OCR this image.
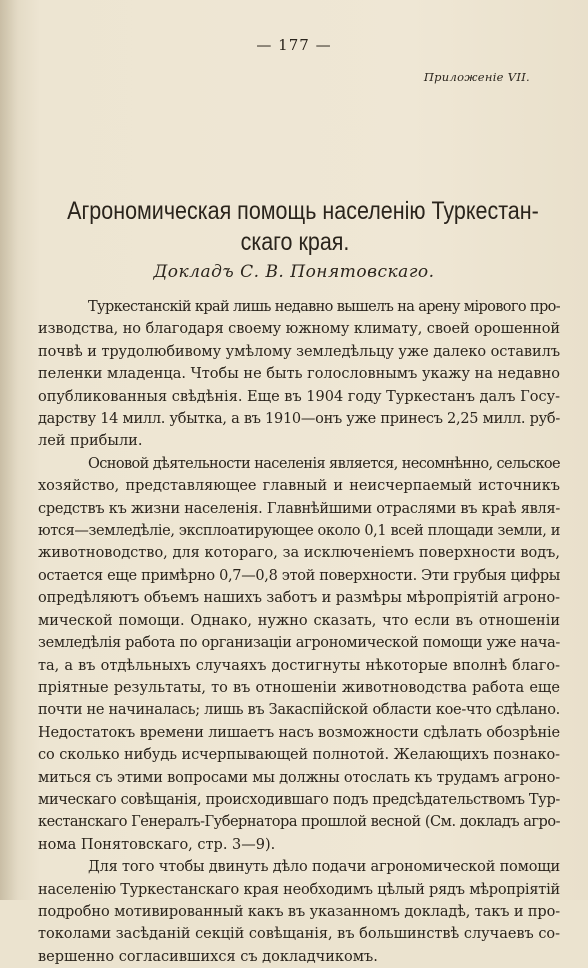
— 177 —
Приложеніе VII.
Агрономическая помощь населенію Туркестан-
скаго края.
Докладъ С. В. Понятовскаго.
Туркестанскій край лишь недавно вышелъ на арену мірового про-
изводства, но благодаря своему южному климату, своей орошенной
почвѣ и трудолюбивому умѣлому земледѣльцу уже далеко оставилъ
пеленки младенца. Чтобы не быть голословнымъ укажу на недавно
опубликованныя свѣдѣнія. Еще въ 1904 году Туркестанъ далъ Госу-
дарству 14 милл. убытка, а въ 1910—онъ уже принесъ 2,25 милл. руб-
лей прибыли.
Основой дѣятельности населенія является, несомнѣнно, сельское
хозяйство, представляющее главный и неисчерпаемый источникъ
средствъ къ жизни населенія. Главнѣйшими отраслями въ краѣ явля-
ются—земледѣліе, эксплоатирующее около 0,1 всей площади земли, и
животноводство, для котораго, за исключеніемъ поверхности водъ,
остается еще примѣрно 0,7—0,8 этой поверхности. Эти грубыя цифры
опредѣляютъ объемъ нашихъ заботъ и размѣры мѣропріятій агроно-
мической помощи. Однако, нужно сказать, что если въ отношеніи
земледѣлія работа по организаціи агрономической помощи уже нача-
та, а въ отдѣльныхъ случаяхъ достигнуты нѣкоторые вполнѣ благо-
пріятные результаты, то въ отношеніи животноводства работа еще
почти не начиналась; лишь въ Закаспійской области кое-что сдѣлано.
Недостатокъ времени лишаетъ насъ возможности сдѣлать обозрѣніе
со сколько нибудь исчерпывающей полнотой. Желающихъ познако-
миться съ этими вопросами мы должны отослать къ трудамъ агроно-
мическаго совѣщанія, происходившаго подъ предсѣдательствомъ Тур-
кестанскаго Генералъ-Губернатора прошлой весной (См. докладъ агро-
нома Понятовскаго, стр. 3—9).
Для того чтобы двинуть дѣло подачи агрономической помощи
населенію Туркестанскаго края необходимъ цѣлый рядъ мѣропріятій
подробно мотивированный какъ въ указанномъ докладѣ, такъ и про-
токолами засѣданій секцій совѣщанія, въ большинствѣ случаевъ со-
вершенно согласившихся съ докладчикомъ.
